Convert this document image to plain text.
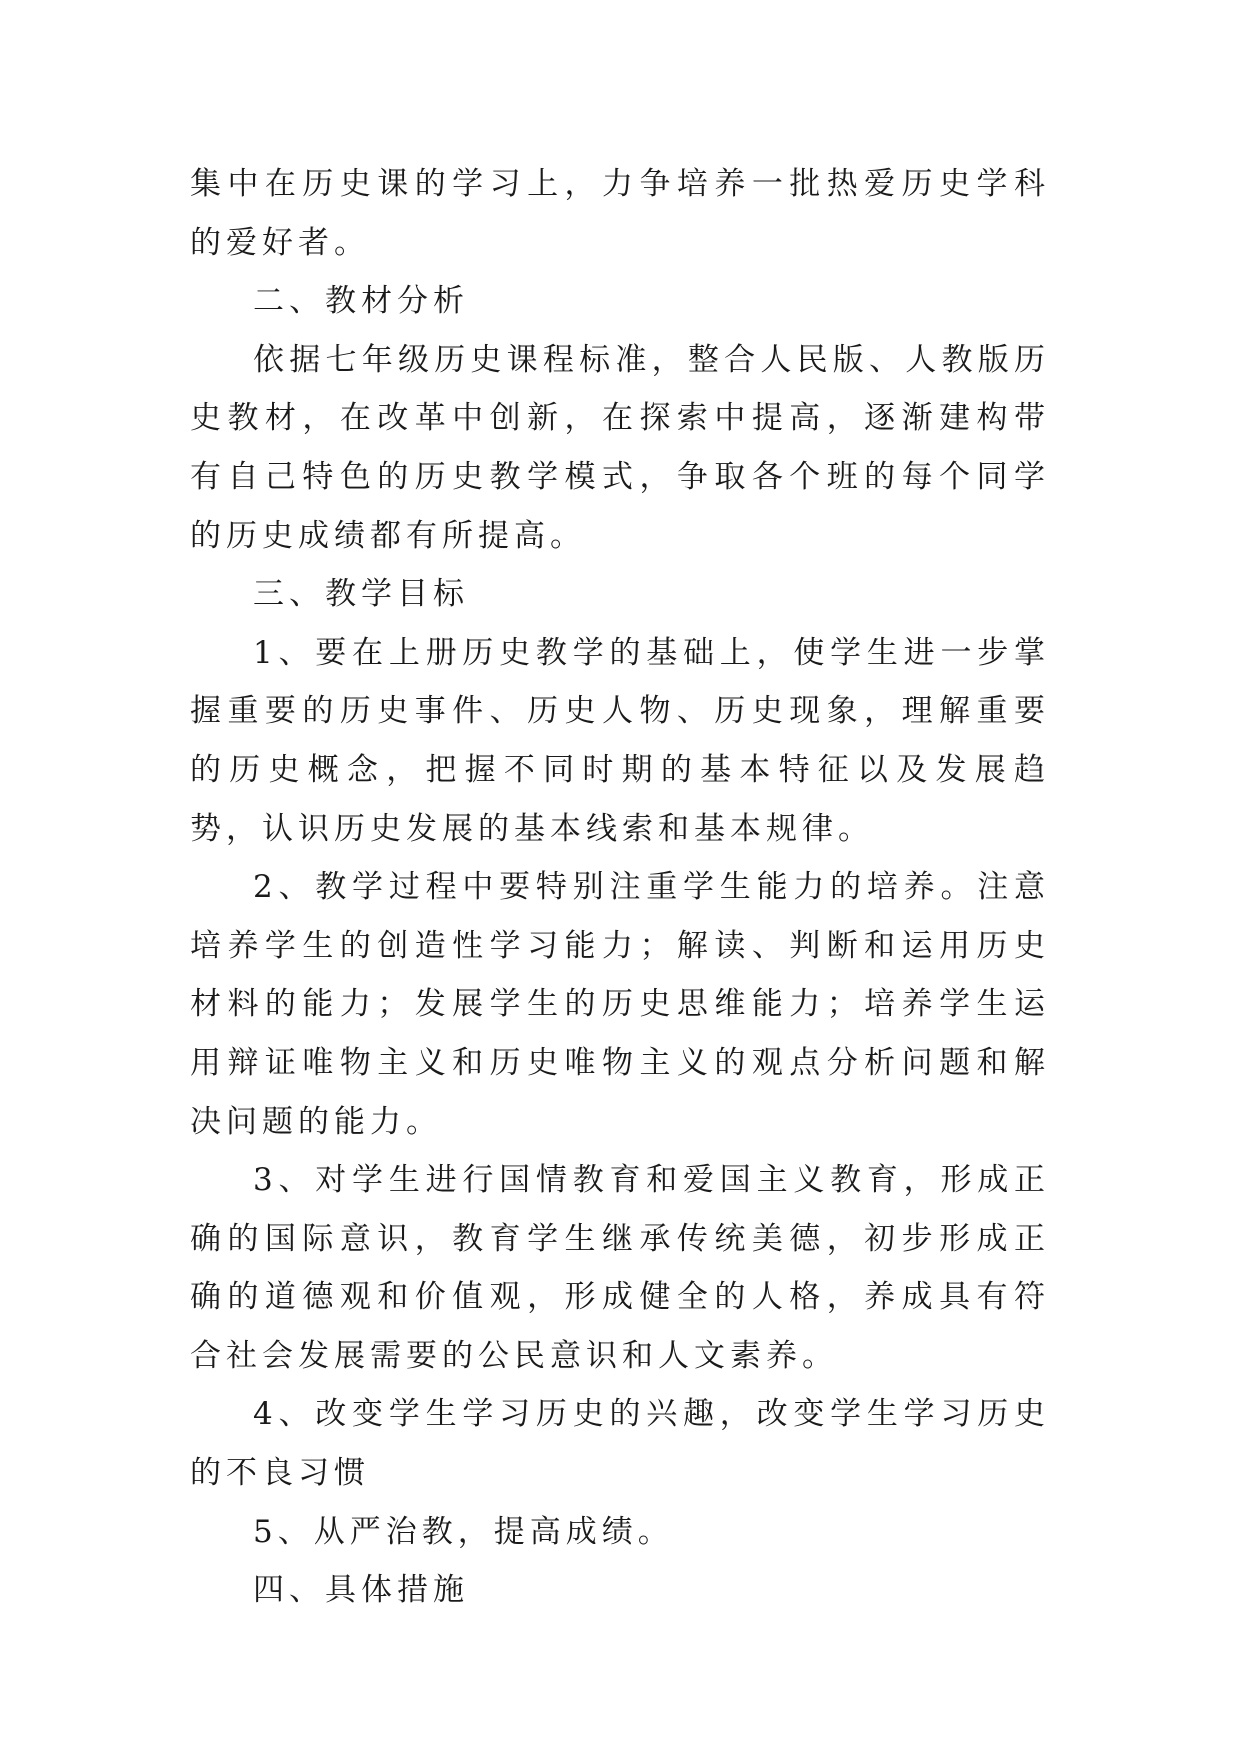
集中在历史课的学习上，力争培养一批热爱历史学科的爱好者。

二、教材分析

依据七年级历史课程标准，整合人民版、人教版历史教材，在改革中创新，在探索中提高，逐渐建构带有自己特色的历史教学模式，争取各个班的每个同学的历史成绩都有所提高。

三、教学目标

1、要在上册历史教学的基础上，使学生进一步掌握重要的历史事件、历史人物、历史现象，理解重要的历史概念，把握不同时期的基本特征以及发展趋势，认识历史发展的基本线索和基本规律。

2、教学过程中要特别注重学生能力的培养。注意培养学生的创造性学习能力；解读、判断和运用历史材料的能力；发展学生的历史思维能力；培养学生运用辩证唯物主义和历史唯物主义的观点分析问题和解决问题的能力。

3、对学生进行国情教育和爱国主义教育，形成正确的国际意识，教育学生继承传统美德，初步形成正确的道德观和价值观，形成健全的人格，养成具有符合社会发展需要的公民意识和人文素养。

4、改变学生学习历史的兴趣，改变学生学习历史的不良习惯

5、从严治教，提高成绩。

四、具体措施
